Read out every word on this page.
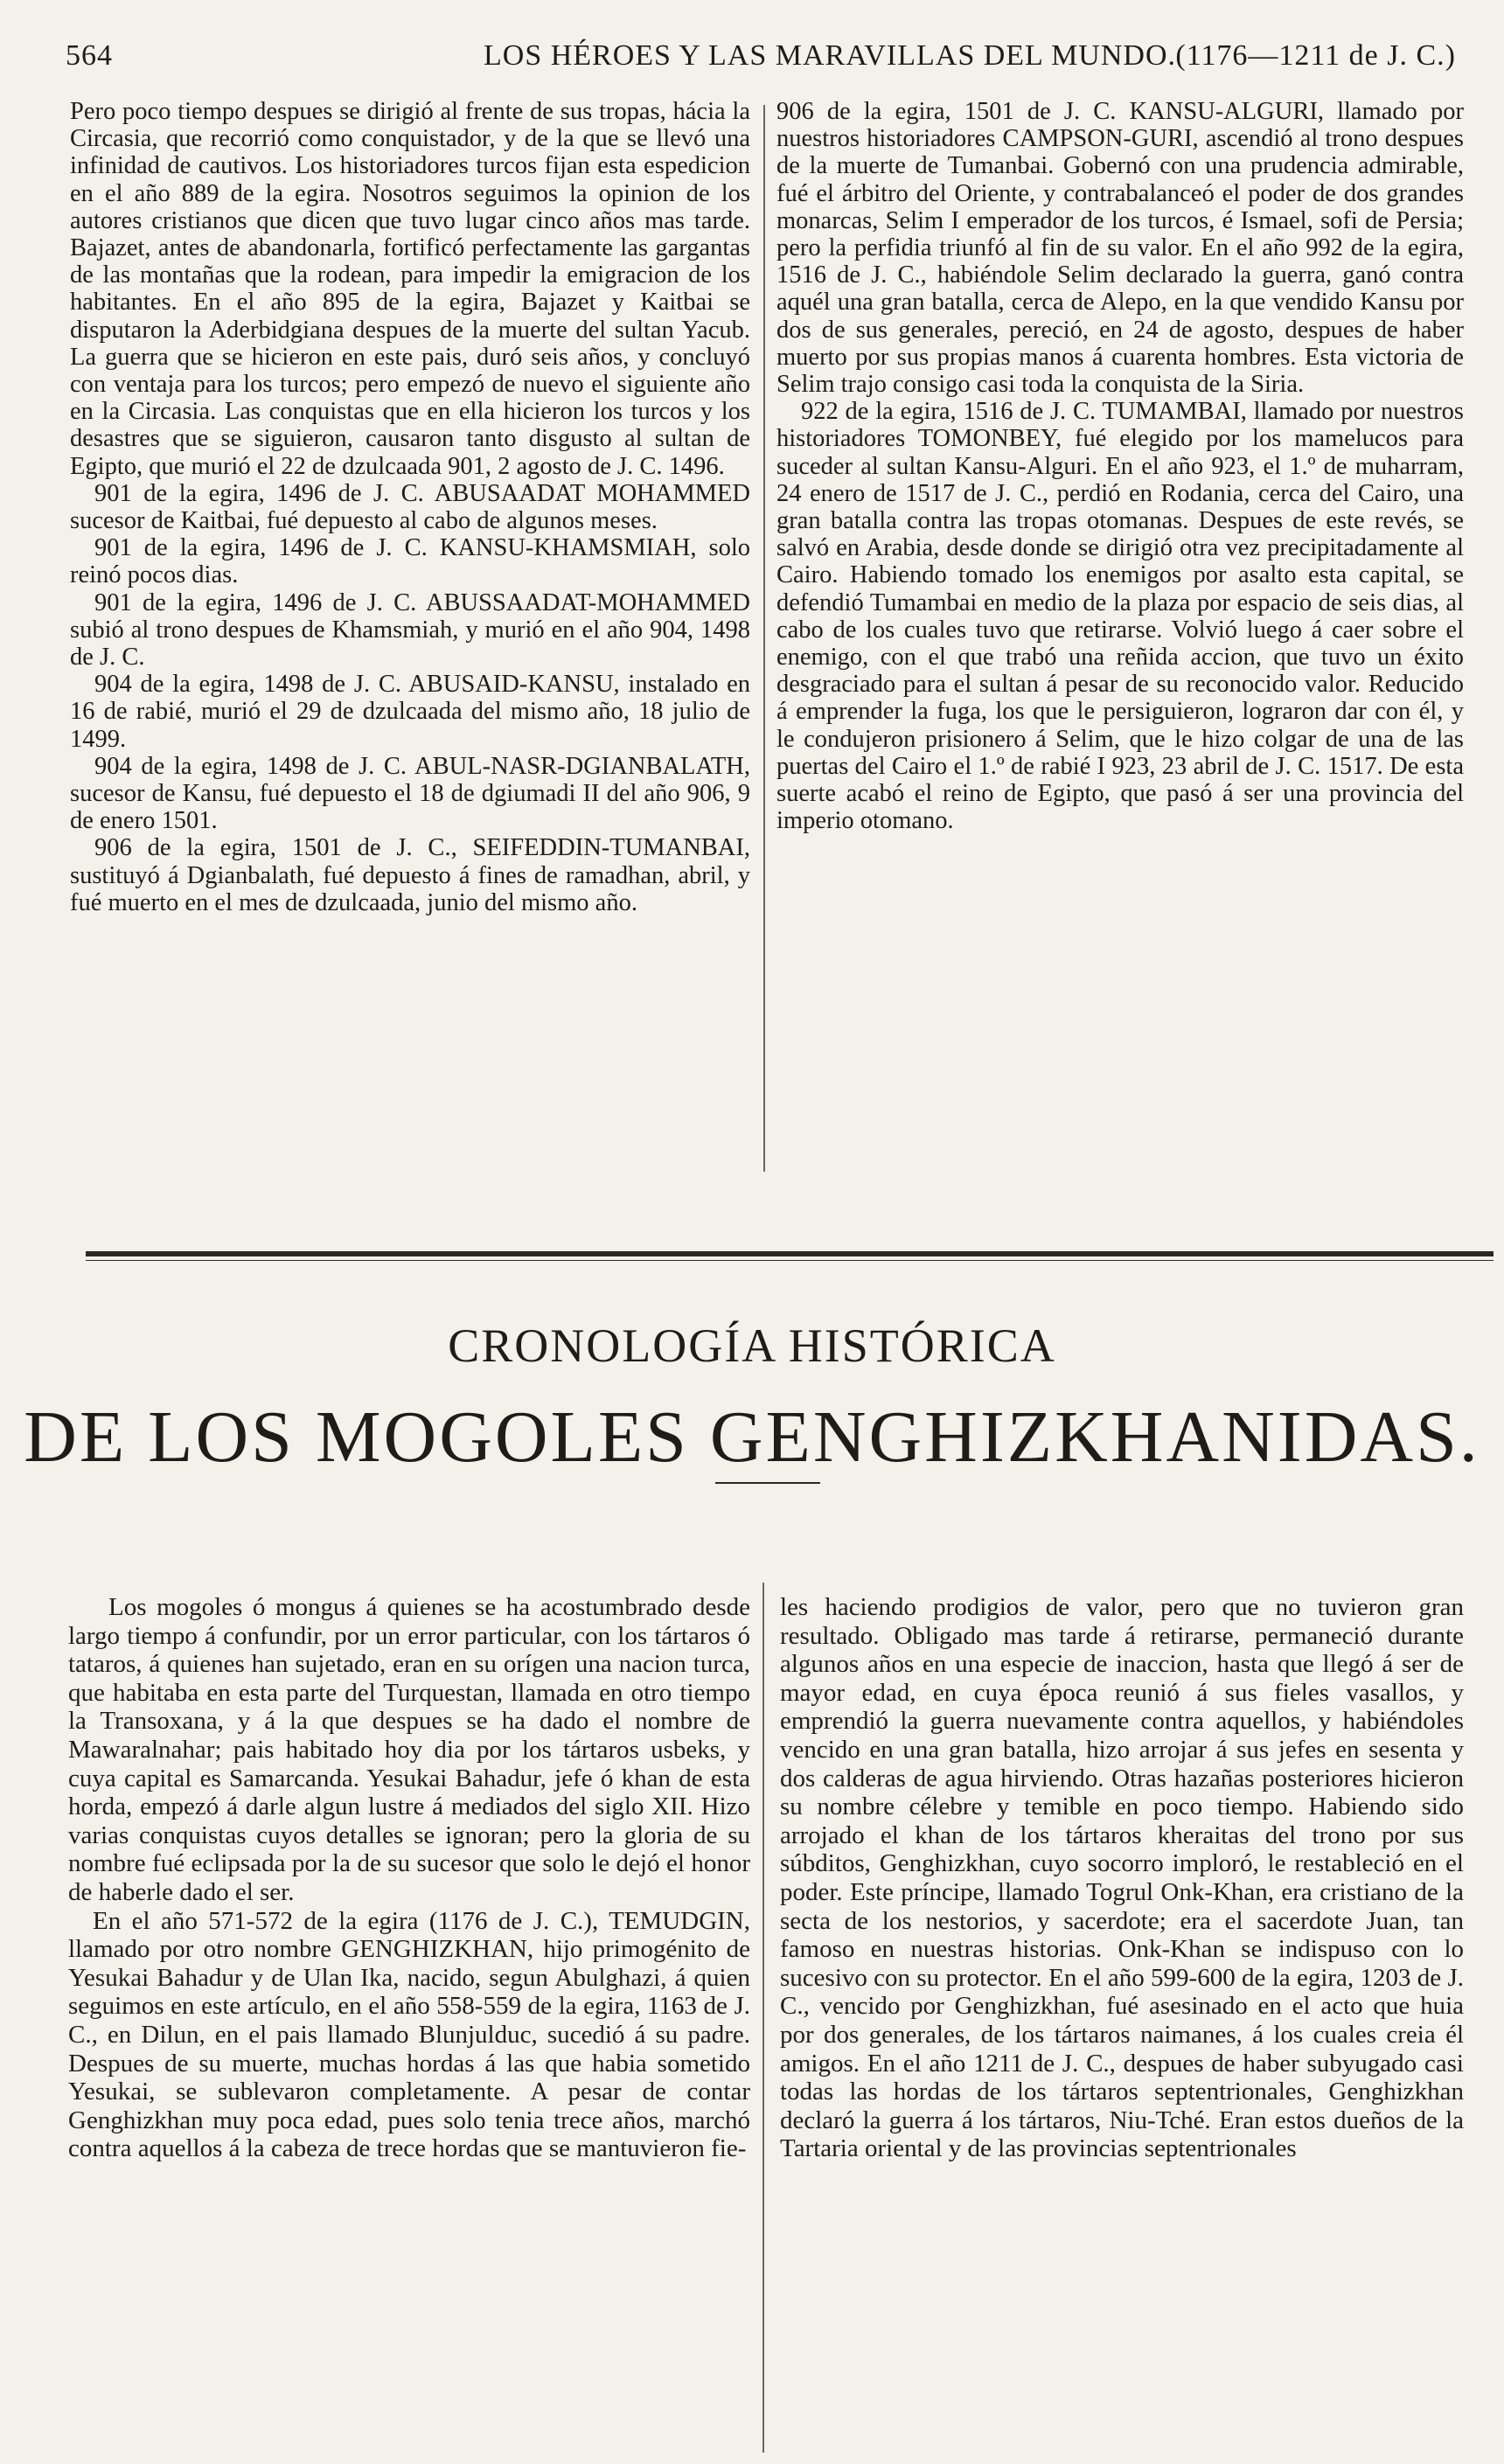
564	LOS HÉROES Y LAS MARAVILLAS DEL MUNDO. (1176—1211 de J. C.)

Pero poco tiempo despues se dirigió al frente de sus tropas, hácia la Circasia, que recorrió como conquistador, y de la que se llevó una infinidad de cautivos. Los historiadores turcos fijan esta espedicion en el año 889 de la egira. Nosotros seguimos la opinion de los autores cristianos que dicen que tuvo lugar cinco años mas tarde. Bajazet, antes de abandonarla, fortificó perfectamente las gargantas de las montañas que la rodean, para impedir la emigracion de los habitantes. En el año 895 de la egira, Bajazet y Kaitbai se disputaron la Aderbidgiana despues de la muerte del sultan Yacub. La guerra que se hicieron en este pais, duró seis años, y concluyó con ventaja para los turcos; pero empezó de nuevo el siguiente año en la Circasia. Las conquistas que en ella hicieron los turcos y los desastres que se siguieron, causaron tanto disgusto al sultan de Egipto, que murió el 22 de dzulcaada 901, 2 agosto de J. C. 1496.

901 de la egira, 1496 de J. C. ABUSAADAT MOHAMMED sucesor de Kaitbai, fué depuesto al cabo de algunos meses.

901 de la egira, 1496 de J. C. KANSU-KHAMSMIAH, solo reinó pocos dias.

901 de la egira, 1496 de J. C. ABUSSAADAT-MOHAMMED subió al trono despues de Khamsmiah, y murió en el año 904, 1498 de J. C.

904 de la egira, 1498 de J. C. ABUSAID-KANSU, instalado en 16 de rabié, murió el 29 de dzulcaada del mismo año, 18 julio de 1499.

904 de la egira, 1498 de J. C. ABUL-NASR-DGIANBALATH, sucesor de Kansu, fué depuesto el 18 de dgiumadi II del año 906, 9 de enero 1501.

906 de la egira, 1501 de J. C., SEIFEDDIN-TUMANBAI, sustituyó á Dgianbalath, fué depuesto á fines de ramadhan, abril, y fué muerto en el mes de dzulcaada, junio del mismo año.

906 de la egira, 1501 de J. C. KANSU-ALGURI, llamado por nuestros historiadores CAMPSON-GURI, ascendió al trono despues de la muerte de Tumanbai. Gobernó con una prudencia admirable, fué el árbitro del Oriente, y contrabalanceó el poder de dos grandes monarcas, Selim I emperador de los turcos, é Ismael, sofi de Persia; pero la perfidia triunfó al fin de su valor. En el año 992 de la egira, 1516 de J. C., habiéndole Selim declarado la guerra, ganó contra aquél una gran batalla, cerca de Alepo, en la que vendido Kansu por dos de sus generales, pereció, en 24 de agosto, despues de haber muerto por sus propias manos á cuarenta hombres. Esta victoria de Selim trajo consigo casi toda la conquista de la Siria.

922 de la egira, 1516 de J. C. TUMAMBAI, llamado por nuestros historiadores TOMONBEY, fué elegido por los mamelucos para suceder al sultan Kansu-Alguri. En el año 923, el 1.º de muharram, 24 enero de 1517 de J. C., perdió en Rodania, cerca del Cairo, una gran batalla contra las tropas otomanas. Despues de este revés, se salvó en Arabia, desde donde se dirigió otra vez precipitadamente al Cairo. Habiendo tomado los enemigos por asalto esta capital, se defendió Tumambai en medio de la plaza por espacio de seis dias, al cabo de los cuales tuvo que retirarse. Volvió luego á caer sobre el enemigo, con el que trabó una reñida accion, que tuvo un éxito desgraciado para el sultan á pesar de su reconocido valor. Reducido á emprender la fuga, los que le persiguieron, lograron dar con él, y le condujeron prisionero á Selim, que le hizo colgar de una de las puertas del Cairo el 1.º de rabié I 923, 23 abril de J. C. 1517. De esta suerte acabó el reino de Egipto, que pasó á ser una provincia del imperio otomano.

CRONOLOGÍA HISTÓRICA
DE LOS MOGOLES GENGHIZKHANIDAS.

Los mogoles ó mongus á quienes se ha acostumbrado desde largo tiempo á confundir, por un error particular, con los tártaros ó tataros, á quienes han sujetado, eran en su orígen una nacion turca, que habitaba en esta parte del Turquestan, llamada en otro tiempo la Transoxana, y á la que despues se ha dado el nombre de Mawaralnahar; pais habitado hoy dia por los tártaros usbeks, y cuya capital es Samarcanda. Yesukai Bahadur, jefe ó khan de esta horda, empezó á darle algun lustre á mediados del siglo XII. Hizo varias conquistas cuyos detalles se ignoran; pero la gloria de su nombre fué eclipsada por la de su sucesor que solo le dejó el honor de haberle dado el ser.

En el año 571-572 de la egira (1176 de J. C.), TEMUDGIN, llamado por otro nombre GENGHIZKHAN, hijo primogénito de Yesukai Bahadur y de Ulan Ika, nacido, segun Abulghazi, á quien seguimos en este artículo, en el año 558-559 de la egira, 1163 de J. C., en Dilun, en el pais llamado Blunjulduc, sucedió á su padre. Despues de su muerte, muchas hordas á las que habia sometido Yesukai, se sublevaron completamente. A pesar de contar Genghizkhan muy poca edad, pues solo tenia trece años, marchó contra aquellos á la cabeza de trece hordas que se mantuvieron fie-

les haciendo prodigios de valor, pero que no tuvieron gran resultado. Obligado mas tarde á retirarse, permaneció durante algunos años en una especie de inaccion, hasta que llegó á ser de mayor edad, en cuya época reunió á sus fieles vasallos, y emprendió la guerra nuevamente contra aquellos, y habiéndoles vencido en una gran batalla, hizo arrojar á sus jefes en sesenta y dos calderas de agua hirviendo. Otras hazañas posteriores hicieron su nombre célebre y temible en poco tiempo. Habiendo sido arrojado el khan de los tártaros kheraitas del trono por sus súbditos, Genghizkhan, cuyo socorro imploró, le restableció en el poder. Este príncipe, llamado Togrul Onk-Khan, era cristiano de la secta de los nestorios, y sacerdote; era el sacerdote Juan, tan famoso en nuestras historias. Onk-Khan se indispuso con lo sucesivo con su protector. En el año 599-600 de la egira, 1203 de J. C., vencido por Genghizkhan, fué asesinado en el acto que huia por dos generales, de los tártaros naimanes, á los cuales creia él amigos. En el año 1211 de J. C., despues de haber subyugado casi todas las hordas de los tártaros septentrionales, Genghizkhan declaró la guerra á los tártaros, Niu-Tché. Eran estos dueños de la Tartaria oriental y de las provincias septentrionales
